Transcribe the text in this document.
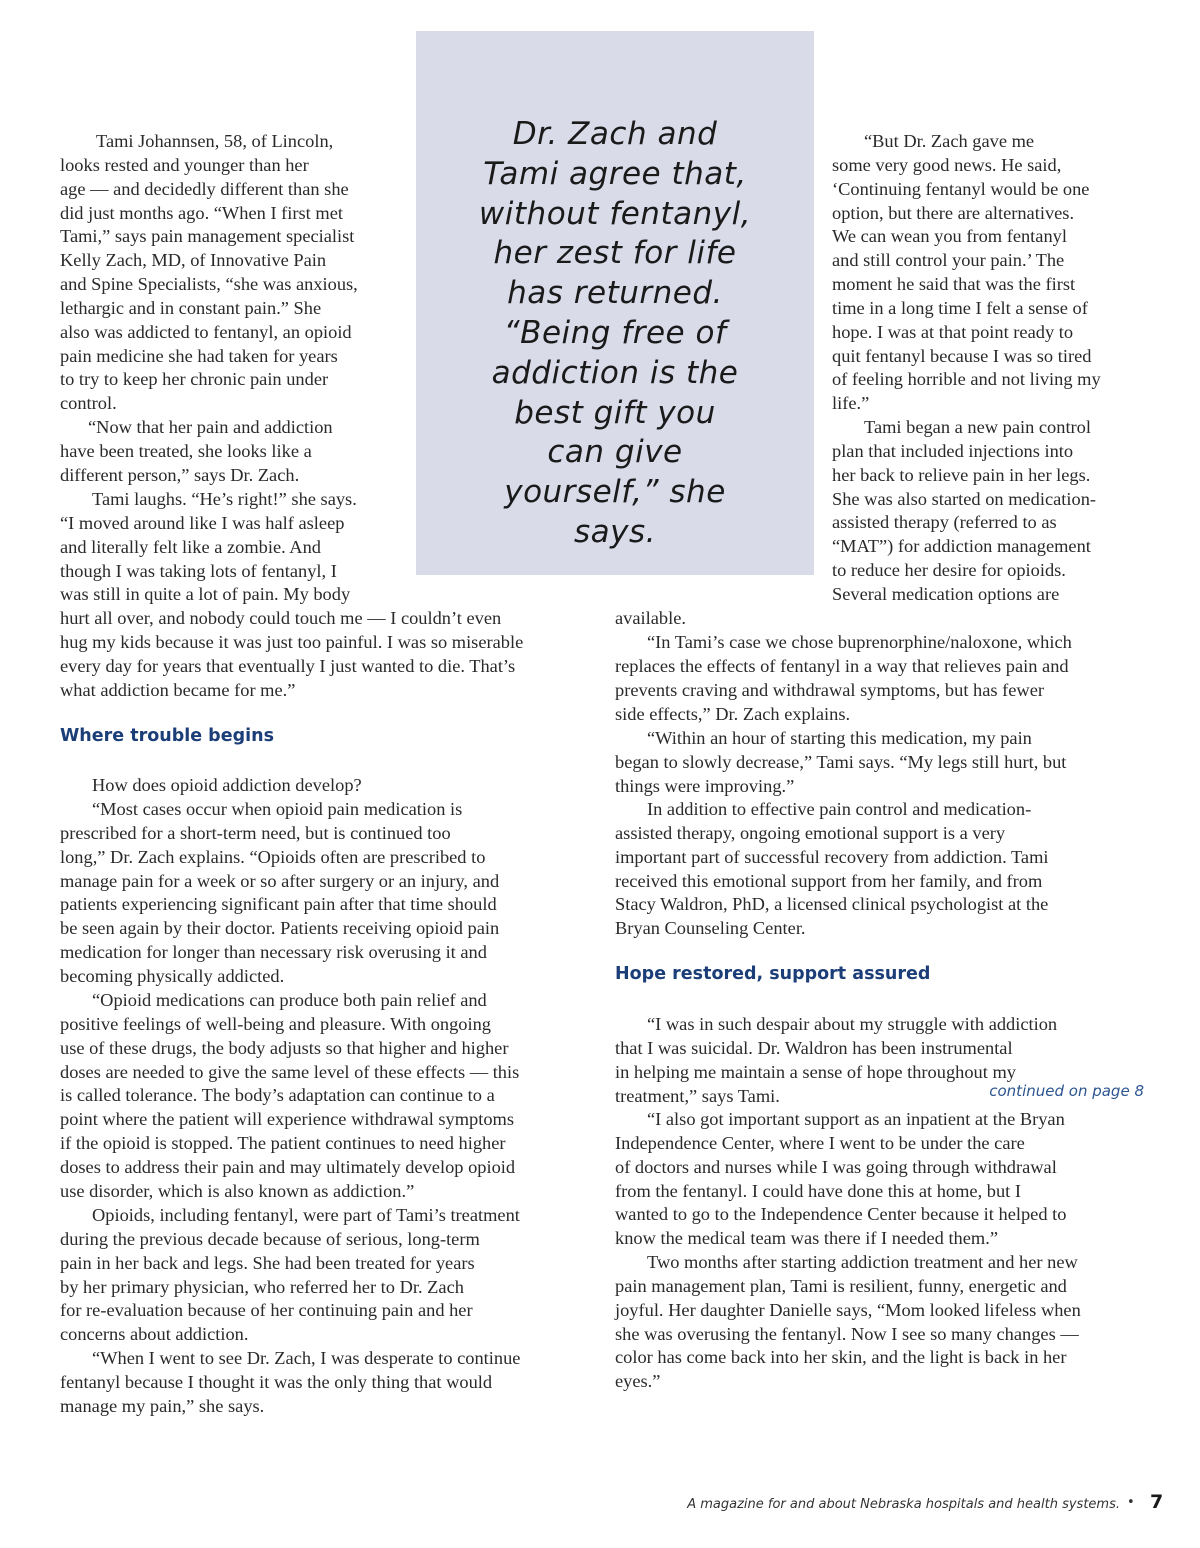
Dr. Zach and
Tami agree that,
without fentanyl,
her zest for life
has returned.
“Being free of
addiction is the
best gift you
can give
yourself,” she
says.
Tami Johannsen, 58, of Lincoln,
looks rested and younger than her
age — and decidedly different than she
did just months ago. “When I first met
Tami,” says pain management specialist
Kelly Zach, MD, of Innovative Pain
and Spine Specialists, “she was anxious,
lethargic and in constant pain.” She
also was addicted to fentanyl, an opioid
pain medicine she had taken for years
to try to keep her chronic pain under
control.
“Now that her pain and addiction
have been treated, she looks like a
different person,” says Dr. Zach.
Tami laughs. “He’s right!” she says.
“I moved around like I was half asleep
and literally felt like a zombie. And
though I was taking lots of fentanyl, I
was still in quite a lot of pain. My body
hurt all over, and nobody could touch me — I couldn’t even
hug my kids because it was just too painful. I was so miserable
every day for years that eventually I just wanted to die. That’s
what addiction became for me.”
Where trouble begins
How does opioid addiction develop?
“Most cases occur when opioid pain medication is
prescribed for a short-term need, but is continued too
long,” Dr. Zach explains. “Opioids often are prescribed to
manage pain for a week or so after surgery or an injury, and
patients experiencing significant pain after that time should
be seen again by their doctor. Patients receiving opioid pain
medication for longer than necessary risk overusing it and
becoming physically addicted.
“Opioid medications can produce both pain relief and
positive feelings of well-being and pleasure. With ongoing
use of these drugs, the body adjusts so that higher and higher
doses are needed to give the same level of these effects — this
is called tolerance. The body’s adaptation can continue to a
point where the patient will experience withdrawal symptoms
if the opioid is stopped. The patient continues to need higher
doses to address their pain and may ultimately develop opioid
use disorder, which is also known as addiction.”
Opioids, including fentanyl, were part of Tami’s treatment
during the previous decade because of serious, long-term
pain in her back and legs. She had been treated for years
by her primary physician, who referred her to Dr. Zach
for re-evaluation because of her continuing pain and her
concerns about addiction.
“When I went to see Dr. Zach, I was desperate to continue
fentanyl because I thought it was the only thing that would
manage my pain,” she says.
“But Dr. Zach gave me
some very good news. He said,
‘Continuing fentanyl would be one
option, but there are alternatives.
We can wean you from fentanyl
and still control your pain.’ The
moment he said that was the first
time in a long time I felt a sense of
hope. I was at that point ready to
quit fentanyl because I was so tired
of feeling horrible and not living my
life.”
Tami began a new pain control
plan that included injections into
her back to relieve pain in her legs.
She was also started on medication-
assisted therapy (referred to as
“MAT”) for addiction management
to reduce her desire for opioids.
Several medication options are
available.
“In Tami’s case we chose buprenorphine/naloxone, which
replaces the effects of fentanyl in a way that relieves pain and
prevents craving and withdrawal symptoms, but has fewer
side effects,” Dr. Zach explains.
“Within an hour of starting this medication, my pain
began to slowly decrease,” Tami says. “My legs still hurt, but
things were improving.”
In addition to effective pain control and medication-
assisted therapy, ongoing emotional support is a very
important part of successful recovery from addiction. Tami
received this emotional support from her family, and from
Stacy Waldron, PhD, a licensed clinical psychologist at the
Bryan Counseling Center.
Hope restored, support assured
“I was in such despair about my struggle with addiction
that I was suicidal. Dr. Waldron has been instrumental
in helping me maintain a sense of hope throughout my
treatment,” says Tami.
“I also got important support as an inpatient at the Bryan
Independence Center, where I went to be under the care
of doctors and nurses while I was going through withdrawal
from the fentanyl. I could have done this at home, but I
wanted to go to the Independence Center because it helped to
know the medical team was there if I needed them.”
Two months after starting addiction treatment and her new
pain management plan, Tami is resilient, funny, energetic and
joyful. Her daughter Danielle says, “Mom looked lifeless when
she was overusing the fentanyl. Now I see so many changes —
color has come back into her skin, and the light is back in her
eyes.”
continued on page 8
A magazine for and about Nebraska hospitals and health systems. • 7
